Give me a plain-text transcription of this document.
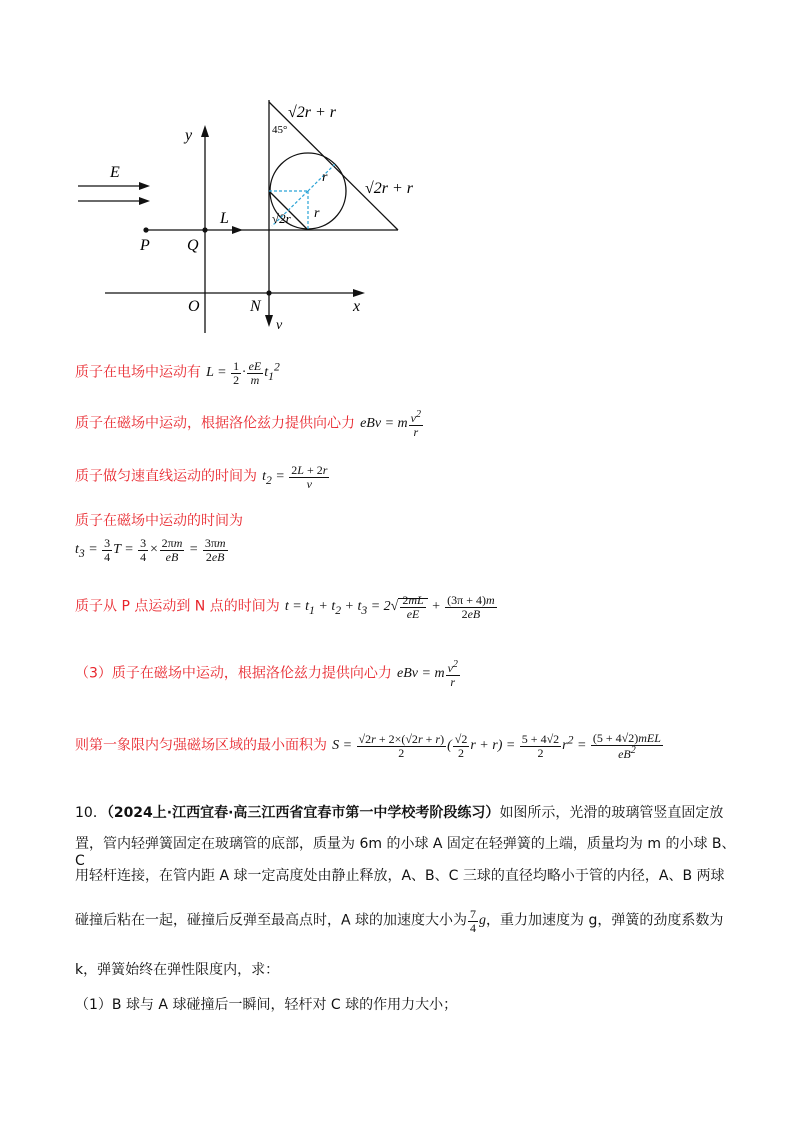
y
E
L
P Q
O	N	x
v
45°
√2r + r
√2r + r
r
r
√2r
质子在电场中运动有 $L = \frac{1}{2} \cdot \frac{eE}{m} t_1^2$
质子在磁场中运动，根据洛伦兹力提供向心力 eBv = m $\frac{v^2}{r}$
质子做匀速直线运动的时间为 $t_2 = \frac{2L + 2r}{v}$
质子在磁场中运动的时间为
$t_3 = \frac{3}{4}$ $T = \frac{3}{4} \times \frac{2\pi m}{eB} = \frac{3\pi m}{2eB}$
质子从 P 点运动到 N 点的时间为 $t = t_1 + t_2 + t_3 = 2√ \frac{2mL}{eE} + \frac{(3\pi + 4)m}{2eB}$
（3）质子在磁场中运动，根据洛伦兹力提供向心力 eBv = m $\frac{v^2}{r}$
则第一象限内匀强磁场区域的最小面积为 $S = \frac{√2r + 2\times(√2r + r)}{2}$ ( $\frac{√2}{2}$ $r + r) = \frac{5 + 4√2}{2} r^2 = \frac{\text{(5 + 4√2)mEL}}{eB^2}$
10．（2024上·江西宜春·高三江西省宜春市第一中学校考阶段练习）如图所示，光滑的玻璃管竖直固定放
置，管内轻弹簧固定在玻璃管的底部，质量为 6m 的小球 A 固定在轻弹簧的上端，质量均为 m 的小球 B、C
用轻杆连接，在管内距 A 球一定高度处由静止释放，A、B、C 三球的直径均略小于管的内径，A、B 两球
碰撞后粘在一起，碰撞后反弹至最高点时，A 球的加速度大小为 $\frac{7}{4}$ g，重力加速度为 g，弹簧的劲度系数为
k，弹簧始终在弹性限度内，求：
（1）B 球与 A 球碰撞后一瞬间，轻杆对 C 球的作用力大小；
